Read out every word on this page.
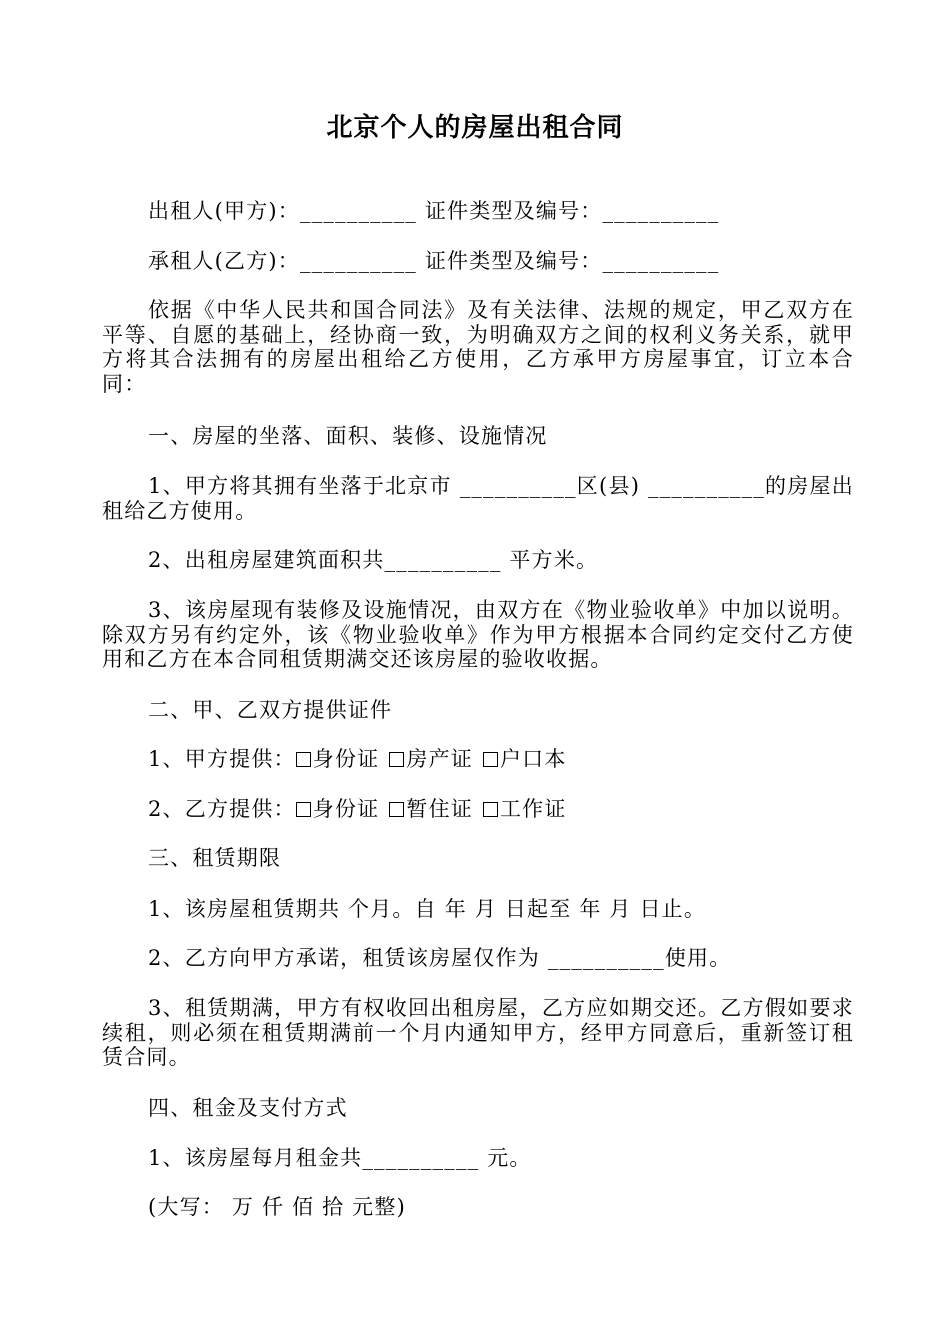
北京个人的房屋出租合同

出租人(甲方)：__________ 证件类型及编号：__________

承租人(乙方)：__________ 证件类型及编号：__________

依据《中华人民共和国合同法》及有关法律、法规的规定，甲乙双方在平等、自愿的基础上，经协商一致，为明确双方之间的权利义务关系，就甲方将其合法拥有的房屋出租给乙方使用，乙方承甲方房屋事宜，订立本合同：

一、房屋的坐落、面积、装修、设施情况

1、甲方将其拥有坐落于北京市 __________区(县) __________的房屋出租给乙方使用。

2、出租房屋建筑面积共__________ 平方米。

3、该房屋现有装修及设施情况，由双方在《物业验收单》中加以说明。除双方另有约定外，该《物业验收单》作为甲方根据本合同约定交付乙方使用和乙方在本合同租赁期满交还该房屋的验收收据。

二、甲、乙双方提供证件

1、甲方提供： 身份证 房产证 户口本

2、乙方提供： 身份证 暂住证 工作证

三、租赁期限

1、该房屋租赁期共 个月。自 年 月 日起至 年 月 日止。

2、乙方向甲方承诺，租赁该房屋仅作为 __________使用。

3、租赁期满，甲方有权收回出租房屋，乙方应如期交还。乙方假如要求续租，则必须在租赁期满前一个月内通知甲方，经甲方同意后，重新签订租赁合同。

四、租金及支付方式

1、该房屋每月租金共__________ 元。

(大写： 万 仟 佰 拾 元整)
